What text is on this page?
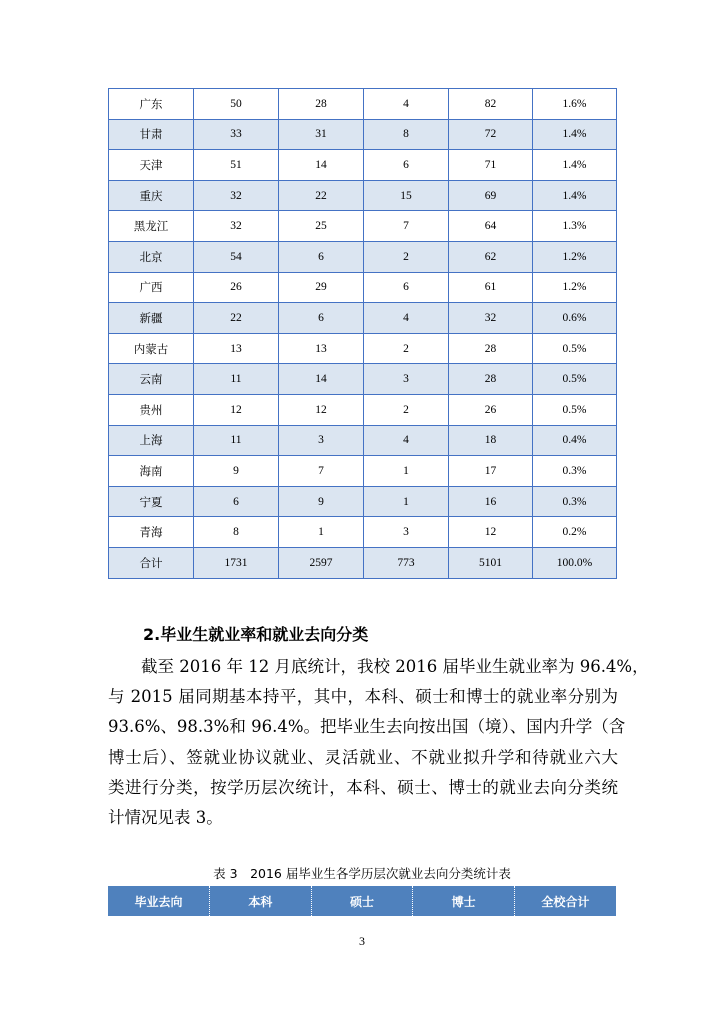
广东	50	28	4	82	1.6%
甘肃	33	31	8	72	1.4%
天津	51	14	6	71	1.4%
重庆	32	22	15	69	1.4%
黑龙江	32	25	7	64	1.3%
北京	54	6	2	62	1.2%
广西	26	29	6	61	1.2%
新疆	22	6	4	32	0.6%
内蒙古	13	13	2	28	0.5%
云南	11	14	3	28	0.5%
贵州	12	12	2	26	0.5%
上海	11	3	4	18	0.4%
海南	9	7	1	17	0.3%
宁夏	6	9	1	16	0.3%
青海	8	1	3	12	0.2%
合计	1731	2597	773	5101	100.0%
2.毕业生就业率和就业去向分类

截至 2016 年 12 月底统计，我校 2016 届毕业生就业率为 96.4%，

与 2015 届同期基本持平，其中，本科、硕士和博士的就业率分别为

93.6%、98.3%和 96.4%。把毕业生去向按出国（境）、国内升学（含

博士后）、签就业协议就业、灵活就业、不就业拟升学和待就业六大

类进行分类，按学历层次统计，本科、硕士、博士的就业去向分类统

计情况见表 3。

表 3　2016 届毕业生各学历层次就业去向分类统计表
毕业去向	本科	硕士	博士	全校合计
3
